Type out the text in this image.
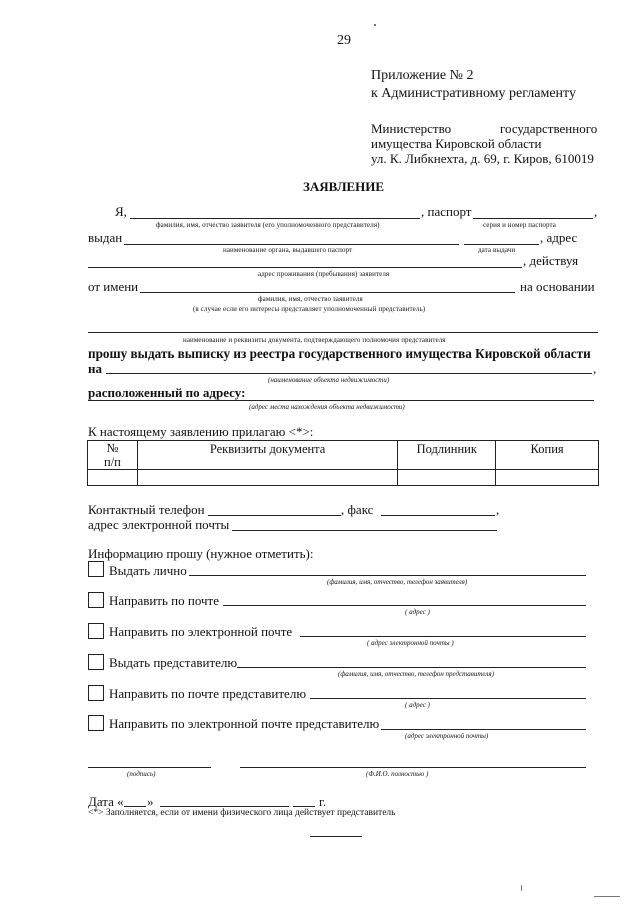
29
Приложение № 2
к Административному регламенту
Министерство	государственного
имущества Кировской области
ул. К. Либкнехта, д. 69, г. Киров, 610019
ЗАЯВЛЕНИЕ
Я,	, паспорт	,
фамилия, имя, отчество заявителя (его уполномоченного представителя)	серия и номер паспорта
выдан	, адрес
наименование органа, выдавшего паспорт	дата выдачи
, действуя
адрес проживания (пребывания) заявителя
от имени	на основании
фамилия, имя, отчество заявителя
(в случае если его интересы представляет уполномоченный представитель)
наименование и реквизиты документа, подтверждающего полномочия представителя
прошу выдать выписку из реестра государственного имущества Кировской области
на	,
(наименование объекта недвижимости)
расположенный по адресу:
(адрес места нахождения объекта недвижимости)
К настоящему заявлению прилагаю <*>:
№
п/п	Реквизиты документа	Подлинник	Копия

Контактный телефон	, факс	,
адрес электронной почты
Информацию прошу (нужное отметить):
Выдать лично
(фамилия, имя, отчество, телефон заявителя)
Направить по почте
( адрес )
Направить по электронной почте
( адрес электронной почты )
Выдать представителю
(фамилия, имя, отчество, телефон представителя)
Направить по почте представителю
( адрес )
Направить по электронной почте представителю
(адрес электронной почты)
(подпись)	(Ф.И.О. полностью )
Дата « »	г.
<*> Заполняется, если от имени физического лица действует представитель
